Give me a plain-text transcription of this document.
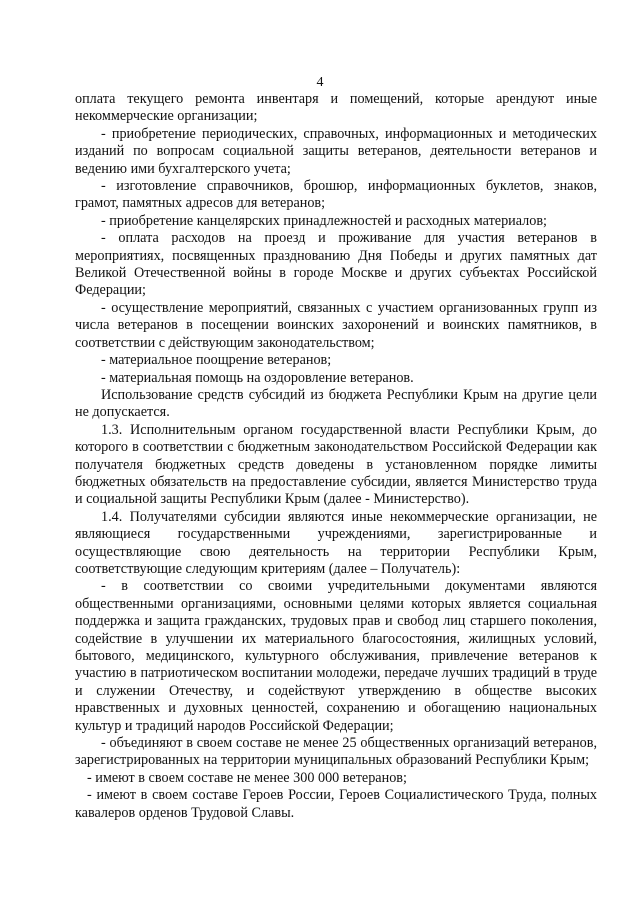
4

оплата текущего ремонта инвентаря и помещений, которые арендуют иные некоммерческие организации;

- приобретение периодических, справочных, информационных и методических изданий по вопросам социальной защиты ветеранов, деятельности ветеранов и ведению ими бухгалтерского учета;

- изготовление справочников, брошюр, информационных буклетов, знаков, грамот, памятных адресов для ветеранов;

- приобретение канцелярских принадлежностей и расходных материалов;

- оплата расходов на проезд и проживание для участия ветеранов в мероприятиях, посвященных празднованию Дня Победы и других памятных дат Великой Отечественной войны в городе Москве и других субъектах Российской Федерации;

- осуществление мероприятий, связанных с участием организованных групп из числа ветеранов в посещении воинских захоронений и воинских памятников, в соответствии с действующим законодательством;

- материальное поощрение ветеранов;

- материальная помощь на оздоровление ветеранов.

Использование средств субсидий из бюджета Республики Крым на другие цели не допускается.

1.3. Исполнительным органом государственной власти Республики Крым, до которого в соответствии с бюджетным законодательством Российской Федерации как получателя бюджетных средств доведены в установленном порядке лимиты бюджетных обязательств на предоставление субсидии, является Министерство труда и социальной защиты Республики Крым (далее - Министерство).

1.4. Получателями субсидии являются иные некоммерческие организации, не являющиеся государственными учреждениями, зарегистрированные и осуществляющие свою деятельность на территории Республики Крым, соответствующие следующим критериям (далее – Получатель):

- в соответствии со своими учредительными документами являются общественными организациями, основными целями которых является социальная поддержка и защита гражданских, трудовых прав и свобод лиц старшего поколения, содействие в улучшении их материального благосостояния, жилищных условий, бытового, медицинского, культурного обслуживания, привлечение ветеранов к участию в патриотическом воспитании молодежи, передаче лучших традиций в труде и служении Отечеству, и содействуют утверждению в обществе высоких нравственных и духовных ценностей, сохранению и обогащению национальных культур и традиций народов Российской Федерации;

- объединяют в своем составе не менее 25 общественных организаций ветеранов, зарегистрированных на территории муниципальных образований Республики Крым;

- имеют в своем составе не менее 300 000 ветеранов;

- имеют в своем составе Героев России, Героев Социалистического Труда, полных кавалеров орденов Трудовой Славы.
